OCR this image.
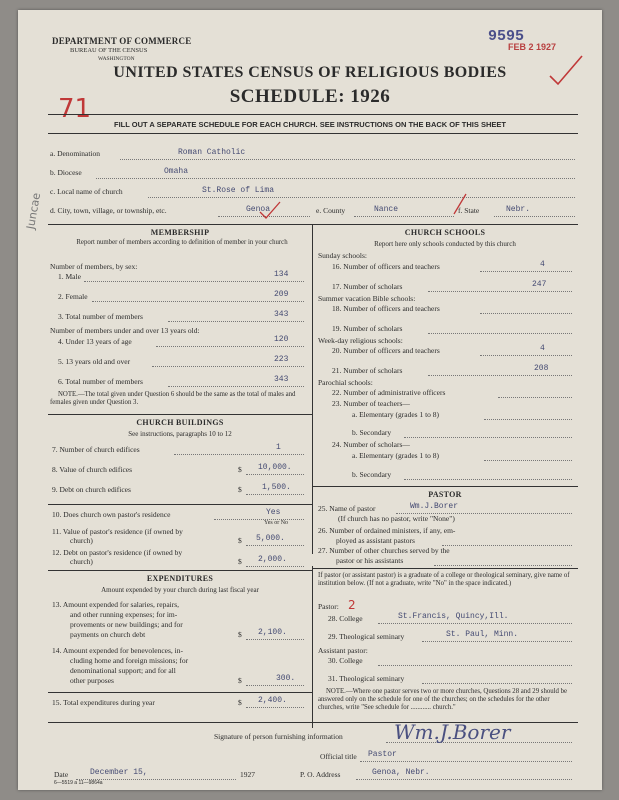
DEPARTMENT OF COMMERCE
BUREAU OF THE CENSUS
WASHINGTON
9595
FEB 2 1927
UNITED STATES CENSUS OF RELIGIOUS BODIES
SCHEDULE: 1926
71
FILL OUT A SEPARATE SCHEDULE FOR EACH CHURCH. SEE INSTRUCTIONS ON THE BACK OF THIS SHEET
a. Denomination	Roman Catholic
b. Diocese	Omaha
c. Local name of church	St.Rose of Lima
d. City, town, village, or township, etc.	Genoa	e. County	Nance	f. State	Nebr.
Juncae
MEMBERSHIP
Report number of members according to definition of member in your church
Number of members, by sex:
1. Male	134
2. Female	209
3. Total number of members	343
Number of members under and over 13 years old:
4. Under 13 years of age	120
5. 13 years old and over	223
6. Total number of members	343
NOTE.—The total given under Question 6 should be the same as the total of males and females given under Question 3.
CHURCH BUILDINGS
See instructions, paragraphs 10 to 12
7. Number of church edifices	1
8. Value of church edifices	$ 10,000.
9. Debt on church edifices	$	1,500.
10. Does church own pastor's residence	Yes
Yes or No
11. Value of pastor's residence (if owned by
church)	$ 5,000.
12. Debt on pastor's residence (if owned by
church)	$ 2,000.
EXPENDITURES
Amount expended by your church during last fiscal year
13. Amount expended for salaries, repairs,
and other running expenses; for im-
provements or new buildings; and for
payments on church debt	$ 2,100.
14. Amount expended for benevolences, in-
cluding home and foreign missions; for
denominational support; and for all
other purposes	$	300.
15. Total expenditures during year	$ 2,400.
CHURCH SCHOOLS
Report here only schools conducted by this church
Sunday schools:
16. Number of officers and teachers	4
17. Number of scholars	247
Summer vacation Bible schools:
18. Number of officers and teachers
19. Number of scholars
Week-day religious schools:
20. Number of officers and teachers	4
21. Number of scholars	208
Parochial schools:
22. Number of administrative officers
23. Number of teachers—
a. Elementary (grades 1 to 8)
b. Secondary
24. Number of scholars—
a. Elementary (grades 1 to 8)
b. Secondary
PASTOR
25. Name of pastor	Wm.J.Borer
(If church has no pastor, write "None")
26. Number of ordained ministers, if any, em-
ployed as assistant pastors
27. Number of other churches served by the
pastor or his assistants
If pastor (or assistant pastor) is a graduate of a college or theological seminary, give name of institution below. (If not a graduate, write "No" in the space indicated.)
Pastor: 2
28. College	St.Francis, Quincy,Ill.
29. Theological seminary	St. Paul, Minn.
Assistant pastor:
30. College
31. Theological seminary
NOTE.—Where one pastor serves two or more churches, Questions 28 and 29 should be answered only on the schedule for one of the churches; on the schedules for the other churches, write "See schedule for ............ church."
Signature of person furnishing information	Wm.J.Borer
Official title Pastor
Date	December 15,	1927	P. O. Address	Genoa, Nebr.
6—5519 a 11—9864a
